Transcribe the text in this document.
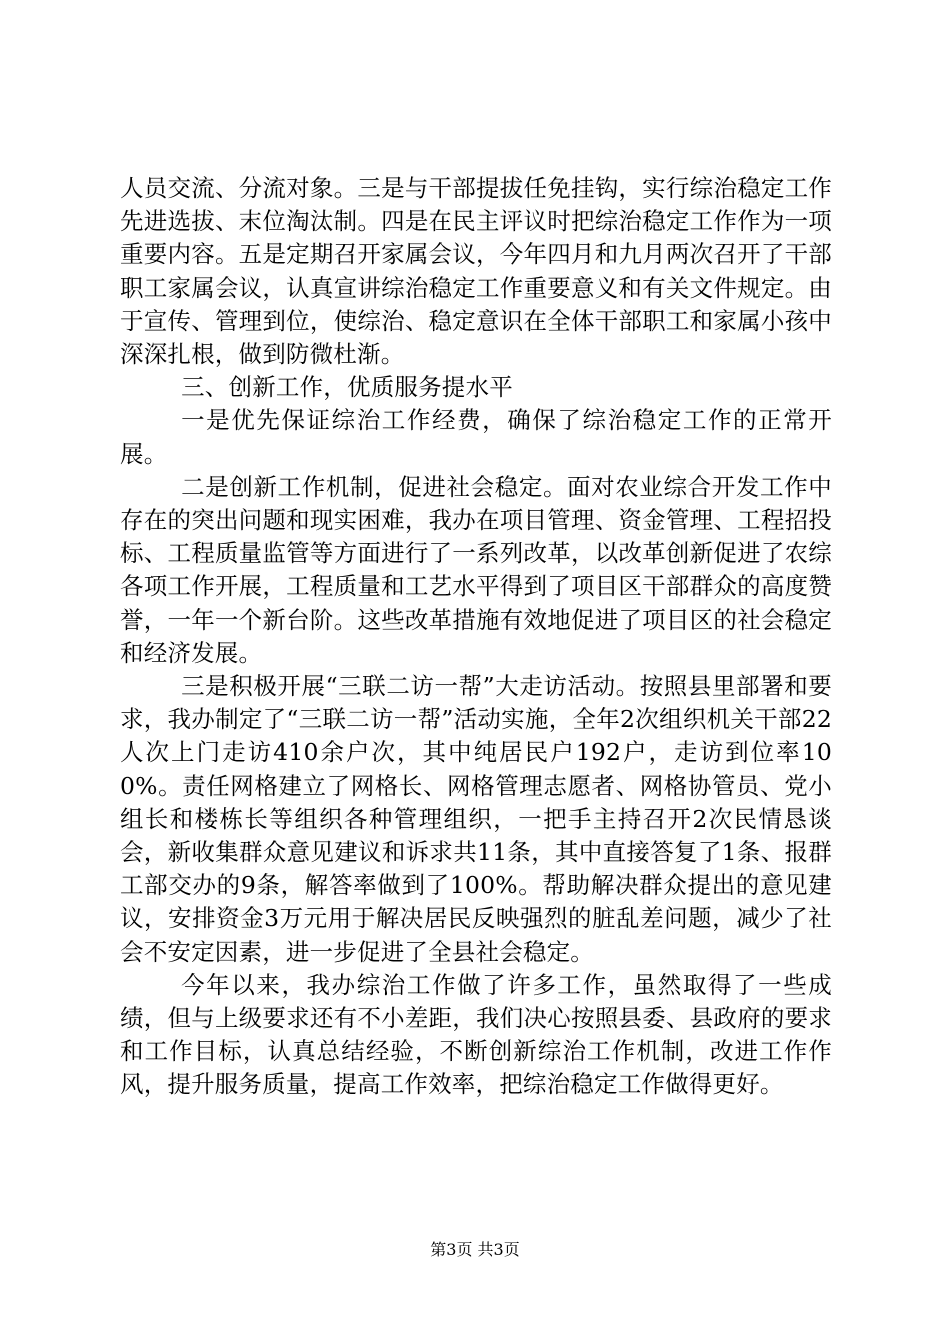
人员交流、分流对象。三是与干部提拔任免挂钩，实行综治稳定工作先进选拔、末位淘汰制。四是在民主评议时把综治稳定工作作为一项重要内容。五是定期召开家属会议，今年四月和九月两次召开了干部职工家属会议，认真宣讲综治稳定工作重要意义和有关文件规定。由于宣传、管理到位，使综治、稳定意识在全体干部职工和家属小孩中深深扎根，做到防微杜渐。

三、创新工作，优质服务提水平

一是优先保证综治工作经费，确保了综治稳定工作的正常开展。

二是创新工作机制，促进社会稳定。面对农业综合开发工作中存在的突出问题和现实困难，我办在项目管理、资金管理、工程招投标、工程质量监管等方面进行了一系列改革，以改革创新促进了农综各项工作开展，工程质量和工艺水平得到了项目区干部群众的高度赞誉，一年一个新台阶。这些改革措施有效地促进了项目区的社会稳定和经济发展。

三是积极开展“三联二访一帮”大走访活动。按照县里部署和要求，我办制定了“三联二访一帮”活动实施，全年2次组织机关干部22人次上门走访410余户次，其中纯居民户192户，走访到位率100%。责任网格建立了网格长、网格管理志愿者、网格协管员、党小组长和楼栋长等组织各种管理组织，一把手主持召开2次民情恳谈会，新收集群众意见建议和诉求共11条，其中直接答复了1条、报群工部交办的9条，解答率做到了100%。帮助解决群众提出的意见建议，安排资金3万元用于解决居民反映强烈的脏乱差问题，减少了社会不安定因素，进一步促进了全县社会稳定。

今年以来，我办综治工作做了许多工作，虽然取得了一些成绩，但与上级要求还有不小差距，我们决心按照县委、县政府的要求和工作目标，认真总结经验，不断创新综治工作机制，改进工作作风，提升服务质量，提高工作效率，把综治稳定工作做得更好。

第3页 共3页
